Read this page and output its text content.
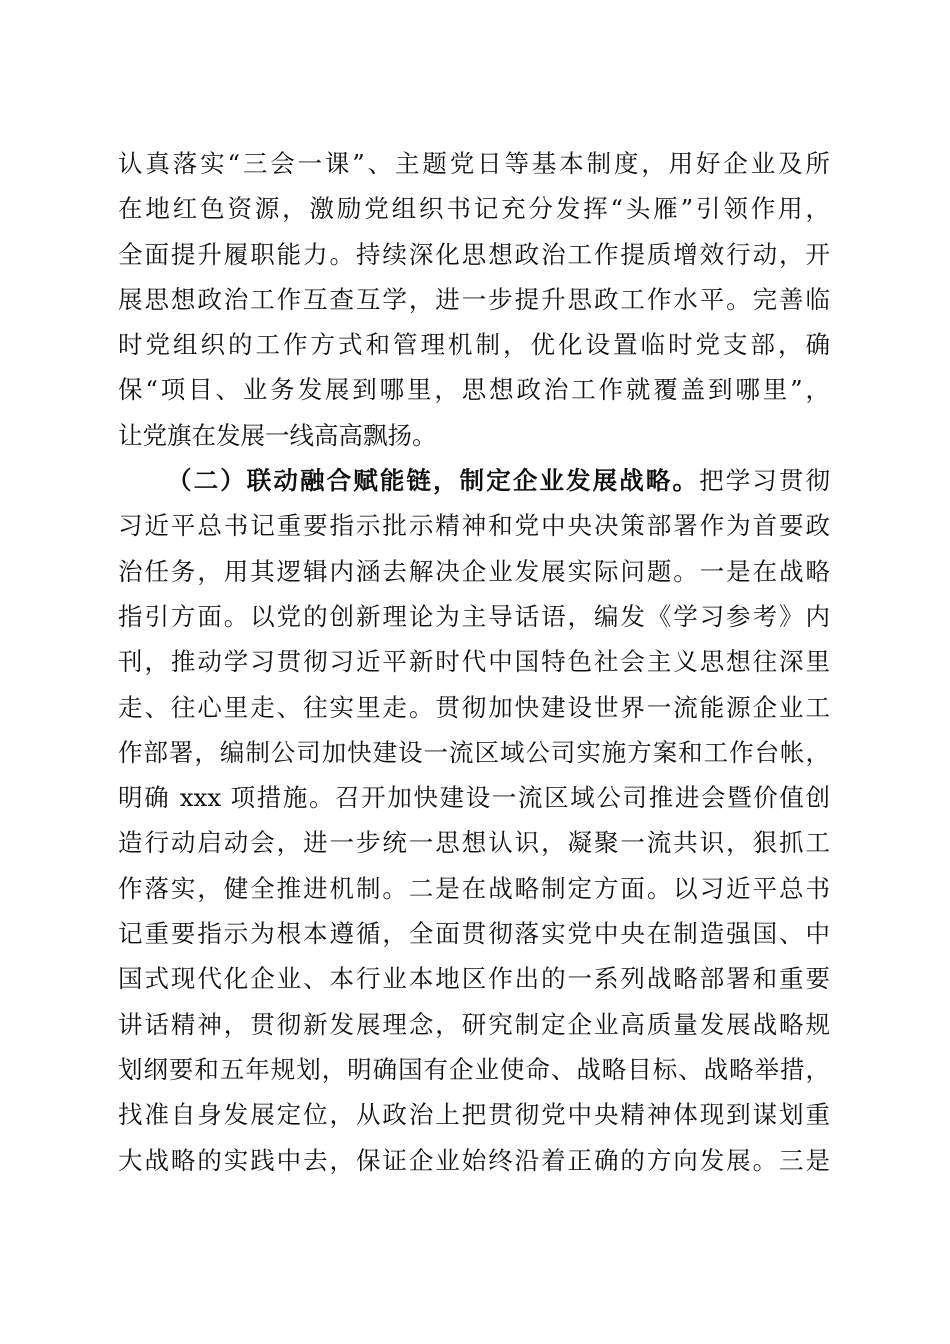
认真落实“三会一课”、主题党日等基本制度，用好企业及所
在地红色资源，激励党组织书记充分发挥“头雁”引领作用，
全面提升履职能力。持续深化思想政治工作提质增效行动，开
展思想政治工作互查互学，进一步提升思政工作水平。完善临
时党组织的工作方式和管理机制，优化设置临时党支部，确
保“项目、业务发展到哪里，思想政治工作就覆盖到哪里”，
让党旗在发展一线高高飘扬。
（二）联动融合赋能链，制定企业发展战略。把学习贯彻
习近平总书记重要指示批示精神和党中央决策部署作为首要政
治任务，用其逻辑内涵去解决企业发展实际问题。一是在战略
指引方面。以党的创新理论为主导话语，编发《学习参考》内
刊，推动学习贯彻习近平新时代中国特色社会主义思想往深里
走、往心里走、往实里走。贯彻加快建设世界一流能源企业工
作部署，编制公司加快建设一流区域公司实施方案和工作台帐，
明确 xxx 项措施。召开加快建设一流区域公司推进会暨价值创
造行动启动会，进一步统一思想认识，凝聚一流共识，狠抓工
作落实，健全推进机制。二是在战略制定方面。以习近平总书
记重要指示为根本遵循，全面贯彻落实党中央在制造强国、中
国式现代化企业、本行业本地区作出的一系列战略部署和重要
讲话精神，贯彻新发展理念，研究制定企业高质量发展战略规
划纲要和五年规划，明确国有企业使命、战略目标、战略举措，
找准自身发展定位，从政治上把贯彻党中央精神体现到谋划重
大战略的实践中去，保证企业始终沿着正确的方向发展。三是
